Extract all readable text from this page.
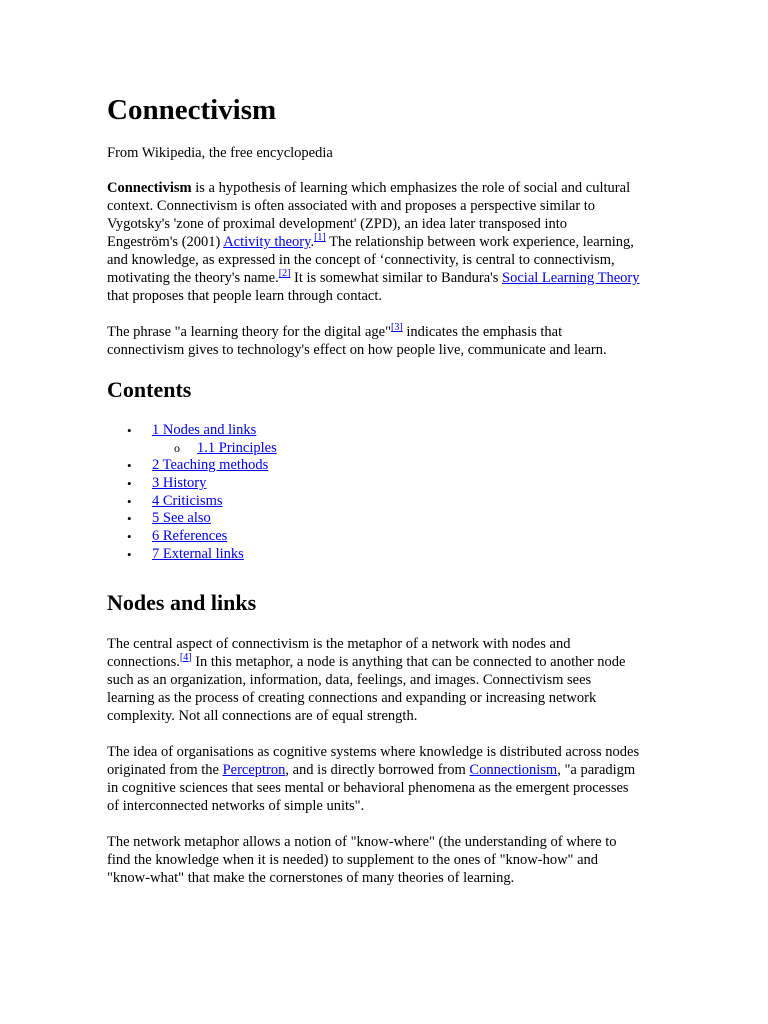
Connectivism

From Wikipedia, the free encyclopedia

Connectivism is a hypothesis of learning which emphasizes the role of social and cultural

context. Connectivism is often associated with and proposes a perspective similar to

Vygotsky's 'zone of proximal development' (ZPD), an idea later transposed into

Engeström's (2001) Activity theory.[1] The relationship between work experience, learning,

and knowledge, as expressed in the concept of ‘connectivity, is central to connectivism,

motivating the theory's name.[2] It is somewhat similar to Bandura's Social Learning Theory

that proposes that people learn through contact.

The phrase "a learning theory for the digital age"[3] indicates the emphasis that

connectivism gives to technology's effect on how people live, communicate and learn.

Contents
• 1 Nodes and links
o 1.1 Principles
• 2 Teaching methods
• 3 History
• 4 Criticisms
• 5 See also
• 6 References
• 7 External links
Nodes and links

The central aspect of connectivism is the metaphor of a network with nodes and

connections.[4] In this metaphor, a node is anything that can be connected to another node

such as an organization, information, data, feelings, and images. Connectivism sees

learning as the process of creating connections and expanding or increasing network

complexity. Not all connections are of equal strength.

The idea of organisations as cognitive systems where knowledge is distributed across nodes

originated from the Perceptron, and is directly borrowed from Connectionism, "a paradigm

in cognitive sciences that sees mental or behavioral phenomena as the emergent processes

of interconnected networks of simple units".

The network metaphor allows a notion of "know-where" (the understanding of where to

find the knowledge when it is needed) to supplement to the ones of "know-how" and

"know-what" that make the cornerstones of many theories of learning.
